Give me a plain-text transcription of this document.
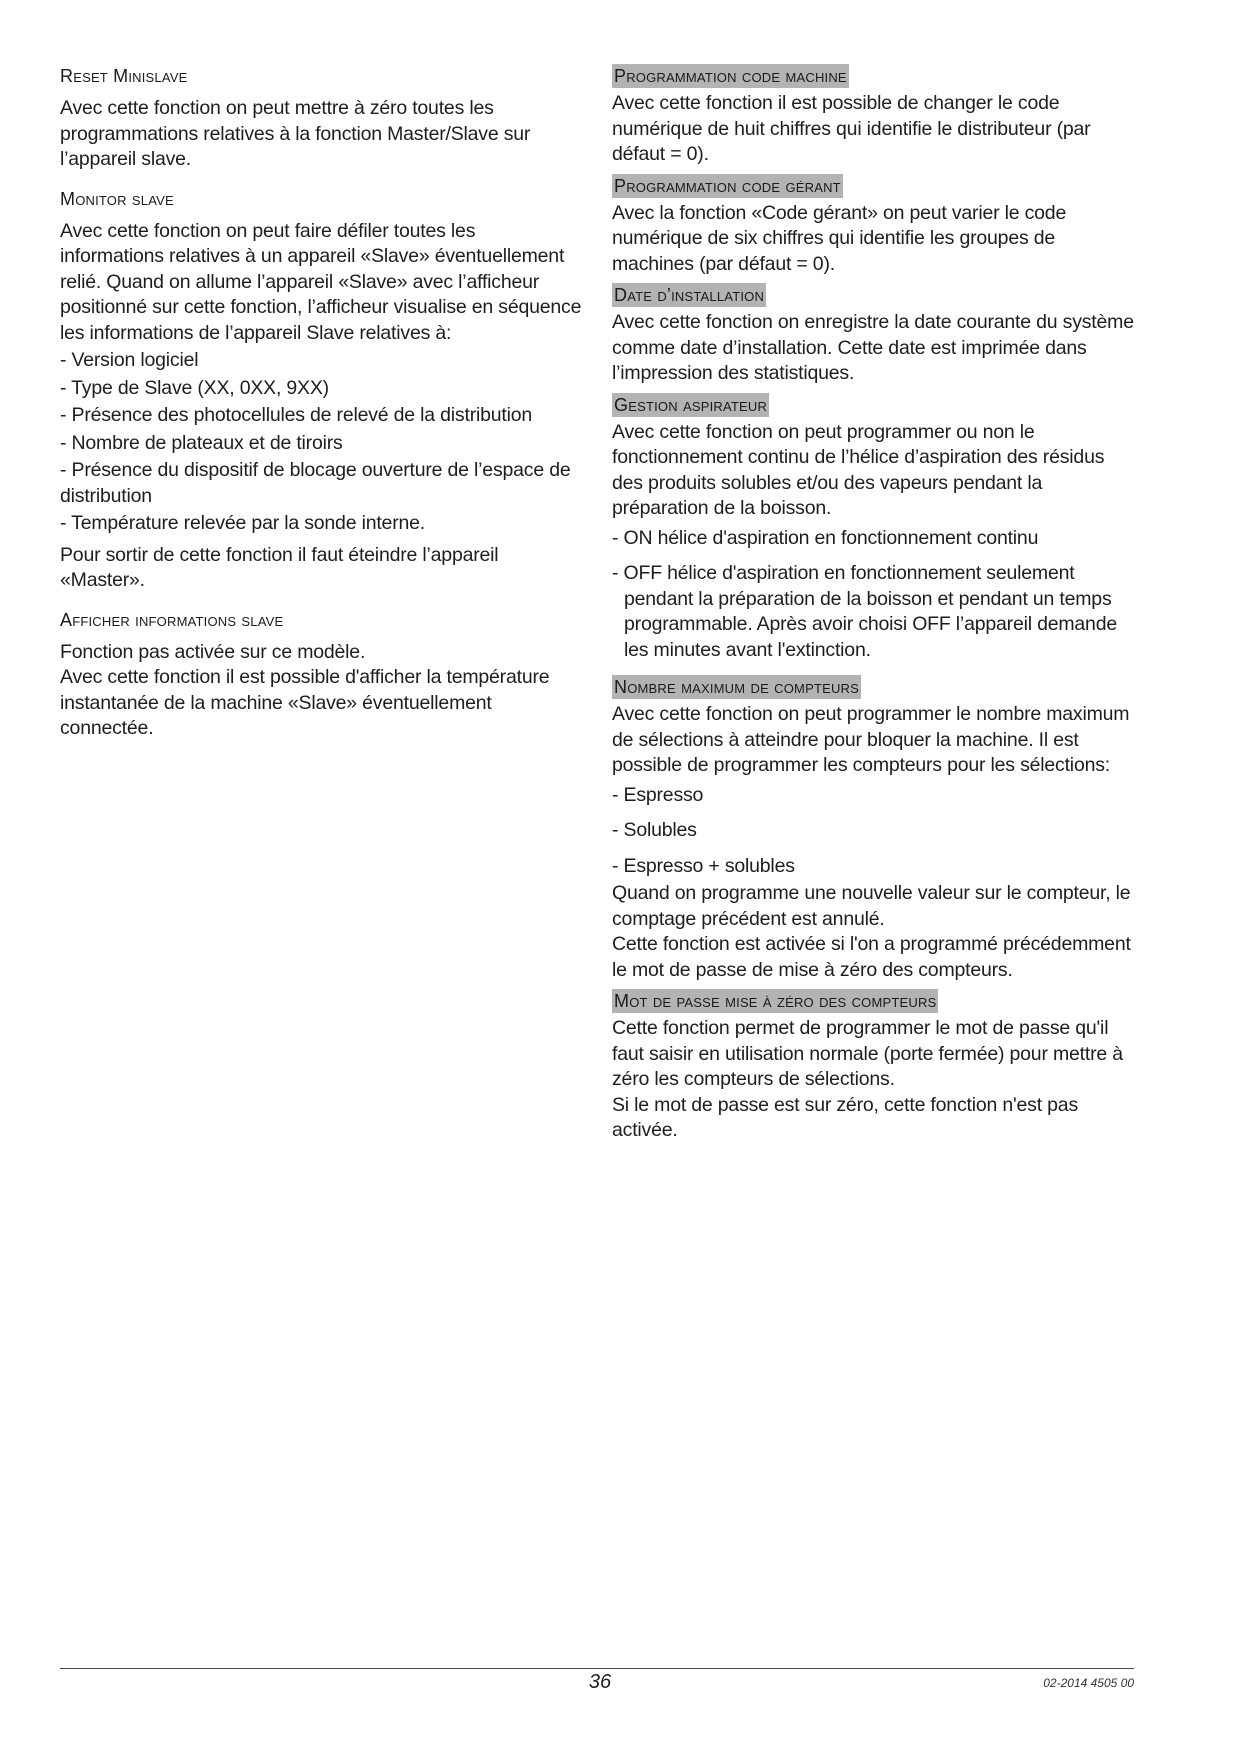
Reset Minislave

Avec cette fonction on peut mettre à zéro toutes les programmations relatives à la fonction Master/Slave sur l’appareil slave.

Monitor slave

Avec cette fonction on peut faire défiler toutes les informations relatives à un appareil «Slave» éventuellement relié. Quand on allume l’appareil «Slave» avec l’afficheur positionné sur cette fonction, l’afficheur visualise en séquence les informations de l’appareil Slave relatives à:

- Version logiciel
- Type de Slave (XX, 0XX, 9XX)
- Présence des photocellules de relevé de la distribution
- Nombre de plateaux et de tiroirs
- Présence du dispositif de blocage ouverture de l’espace de distribution
- Température relevée par la sonde interne.

Pour sortir de cette fonction il faut éteindre l’appareil «Master».

Afficher informations slave

Fonction pas activée sur ce modèle.
Avec cette fonction il est possible d'afficher la température instantanée de la machine «Slave» éventuellement connectée.

Programmation code machine

Avec cette fonction il est possible de changer le code numérique de huit chiffres qui identifie le distributeur (par défaut = 0).

Programmation code gérant

Avec la fonction «Code gérant» on peut varier le code numérique de six chiffres qui identifie les groupes de machines (par défaut = 0).

Date d’installation

Avec cette fonction on enregistre la date courante du système comme date d’installation. Cette date est imprimée dans l’impression des statistiques.

Gestion aspirateur

Avec cette fonction on peut programmer ou non le fonctionnement continu de l’hélice d’aspiration des résidus des produits solubles et/ou des vapeurs pendant la préparation de la boisson.

- ON hélice d'aspiration en fonctionnement continu
- OFF hélice d'aspiration en fonctionnement seulement pendant la préparation de la boisson et pendant un temps programmable. Après avoir choisi OFF l’appareil demande les minutes avant l'extinction.
Nombre maximum de compteurs

Avec cette fonction on peut programmer le nombre maximum de sélections à atteindre pour bloquer la machine. Il est possible de programmer les compteurs pour les sélections:

- Espresso
- Solubles
- Espresso + solubles

Quand on programme une nouvelle valeur sur le compteur, le comptage précédent est annulé.
Cette fonction est activée si l'on a programmé précédemment le mot de passe de mise à zéro des compteurs.

Mot de passe mise à zéro des compteurs

Cette fonction permet de programmer le mot de passe qu'il faut saisir en utilisation normale (porte fermée) pour mettre à zéro les compteurs de sélections.
Si le mot de passe est sur zéro, cette fonction n'est pas activée.

36	02-2014 4505 00
